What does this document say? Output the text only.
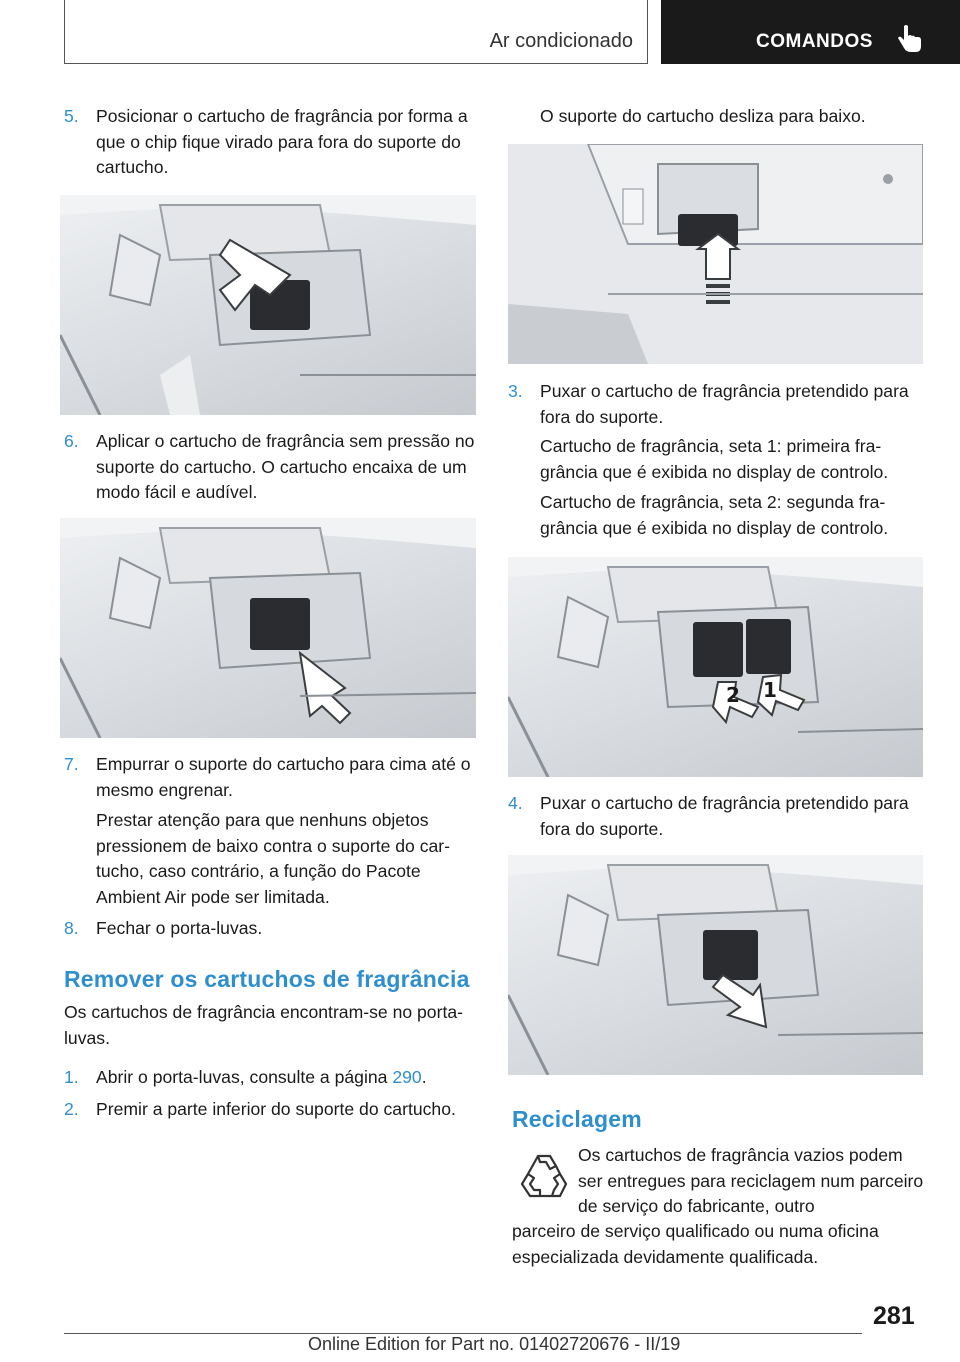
Ar condicionado	COMANDOS
5. Posicionar o cartucho de fragrância por forma a que o chip fique virado para fora do suporte do cartucho.
6. Aplicar o cartucho de fragrância sem pressão no suporte do cartucho. O cartucho encaixa de um modo fácil e audível.
7. Empurrar o suporte do cartucho para cima até o mesmo engrenar.
Prestar atenção para que nenhuns objetos pressionem de baixo contra o suporte do cartucho, caso contrário, a função do Pacote Ambient Air pode ser limitada.
8. Fechar o porta-luvas.
Remover os cartuchos de fragrância
Os cartuchos de fragrância encontram-se no porta-luvas.
1. Abrir o porta-luvas, consulte a página 290.
2. Premir a parte inferior do suporte do cartucho.
O suporte do cartucho desliza para baixo.
3. Puxar o cartucho de fragrância pretendido para fora do suporte.
Cartucho de fragrância, seta 1: primeira fragrância que é exibida no display de controlo.
Cartucho de fragrância, seta 2: segunda fragrância que é exibida no display de controlo.
2 1
4. Puxar o cartucho de fragrância pretendido para fora do suporte.
Reciclagem
Os cartuchos de fragrância vazios podem ser entregues para reciclagem num parceiro de serviço do fabricante, outro
parceiro de serviço qualificado ou numa oficina especializada devidamente qualificada.
281
Online Edition for Part no. 01402720676 - II/19
